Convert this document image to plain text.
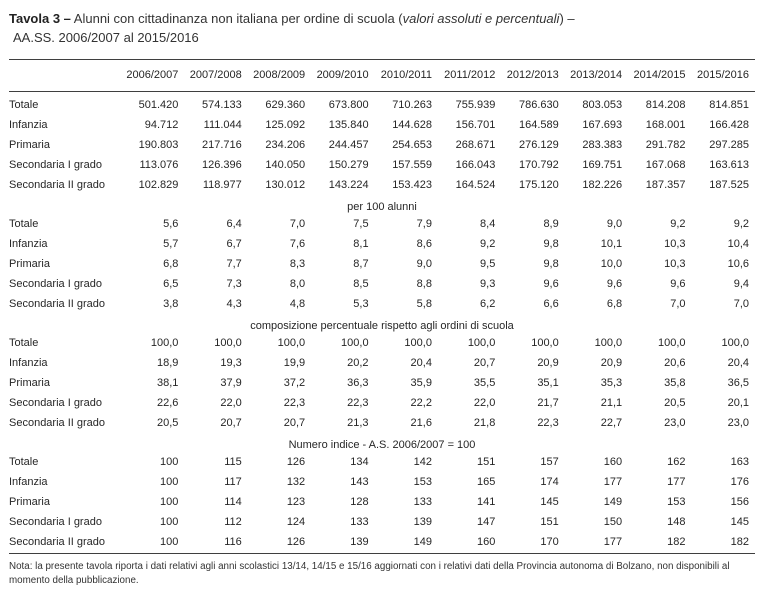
Tavola 3 – Alunni con cittadinanza non italiana per ordine di scuola (valori assoluti e percentuali) –
AA.SS. 2006/2007 al 2015/2016
	2006/2007	2007/2008	2008/2009	2009/2010	2010/2011	2011/2012	2012/2013	2013/2014	2014/2015	2015/2016
Totale	501.420	574.133	629.360	673.800	710.263	755.939	786.630	803.053	814.208	814.851
Infanzia	94.712	111.044	125.092	135.840	144.628	156.701	164.589	167.693	168.001	166.428
Primaria	190.803	217.716	234.206	244.457	254.653	268.671	276.129	283.383	291.782	297.285
Secondaria I grado	113.076	126.396	140.050	150.279	157.559	166.043	170.792	169.751	167.068	163.613
Secondaria II grado	102.829	118.977	130.012	143.224	153.423	164.524	175.120	182.226	187.357	187.525
per 100 alunni										
Totale	5,6	6,4	7,0	7,5	7,9	8,4	8,9	9,0	9,2	9,2
Infanzia	5,7	6,7	7,6	8,1	8,6	9,2	9,8	10,1	10,3	10,4
Primaria	6,8	7,7	8,3	8,7	9,0	9,5	9,8	10,0	10,3	10,6
Secondaria I grado	6,5	7,3	8,0	8,5	8,8	9,3	9,6	9,6	9,6	9,4
Secondaria II grado	3,8	4,3	4,8	5,3	5,8	6,2	6,6	6,8	7,0	7,0
composizione percentuale rispetto agli ordini di scuola										
Totale	100,0	100,0	100,0	100,0	100,0	100,0	100,0	100,0	100,0	100,0
Infanzia	18,9	19,3	19,9	20,2	20,4	20,7	20,9	20,9	20,6	20,4
Primaria	38,1	37,9	37,2	36,3	35,9	35,5	35,1	35,3	35,8	36,5
Secondaria I grado	22,6	22,0	22,3	22,3	22,2	22,0	21,7	21,1	20,5	20,1
Secondaria II grado	20,5	20,7	20,7	21,3	21,6	21,8	22,3	22,7	23,0	23,0
Numero indice - A.S. 2006/2007 = 100										
Totale	100	115	126	134	142	151	157	160	162	163
Infanzia	100	117	132	143	153	165	174	177	177	176
Primaria	100	114	123	128	133	141	145	149	153	156
Secondaria I grado	100	112	124	133	139	147	151	150	148	145
Secondaria II grado	100	116	126	139	149	160	170	177	182	182
Nota: la presente tavola riporta i dati relativi agli anni scolastici 13/14, 14/15 e 15/16 aggiornati con i relativi dati della Provincia autonoma di Bolzano, non disponibili al momento della pubblicazione.
